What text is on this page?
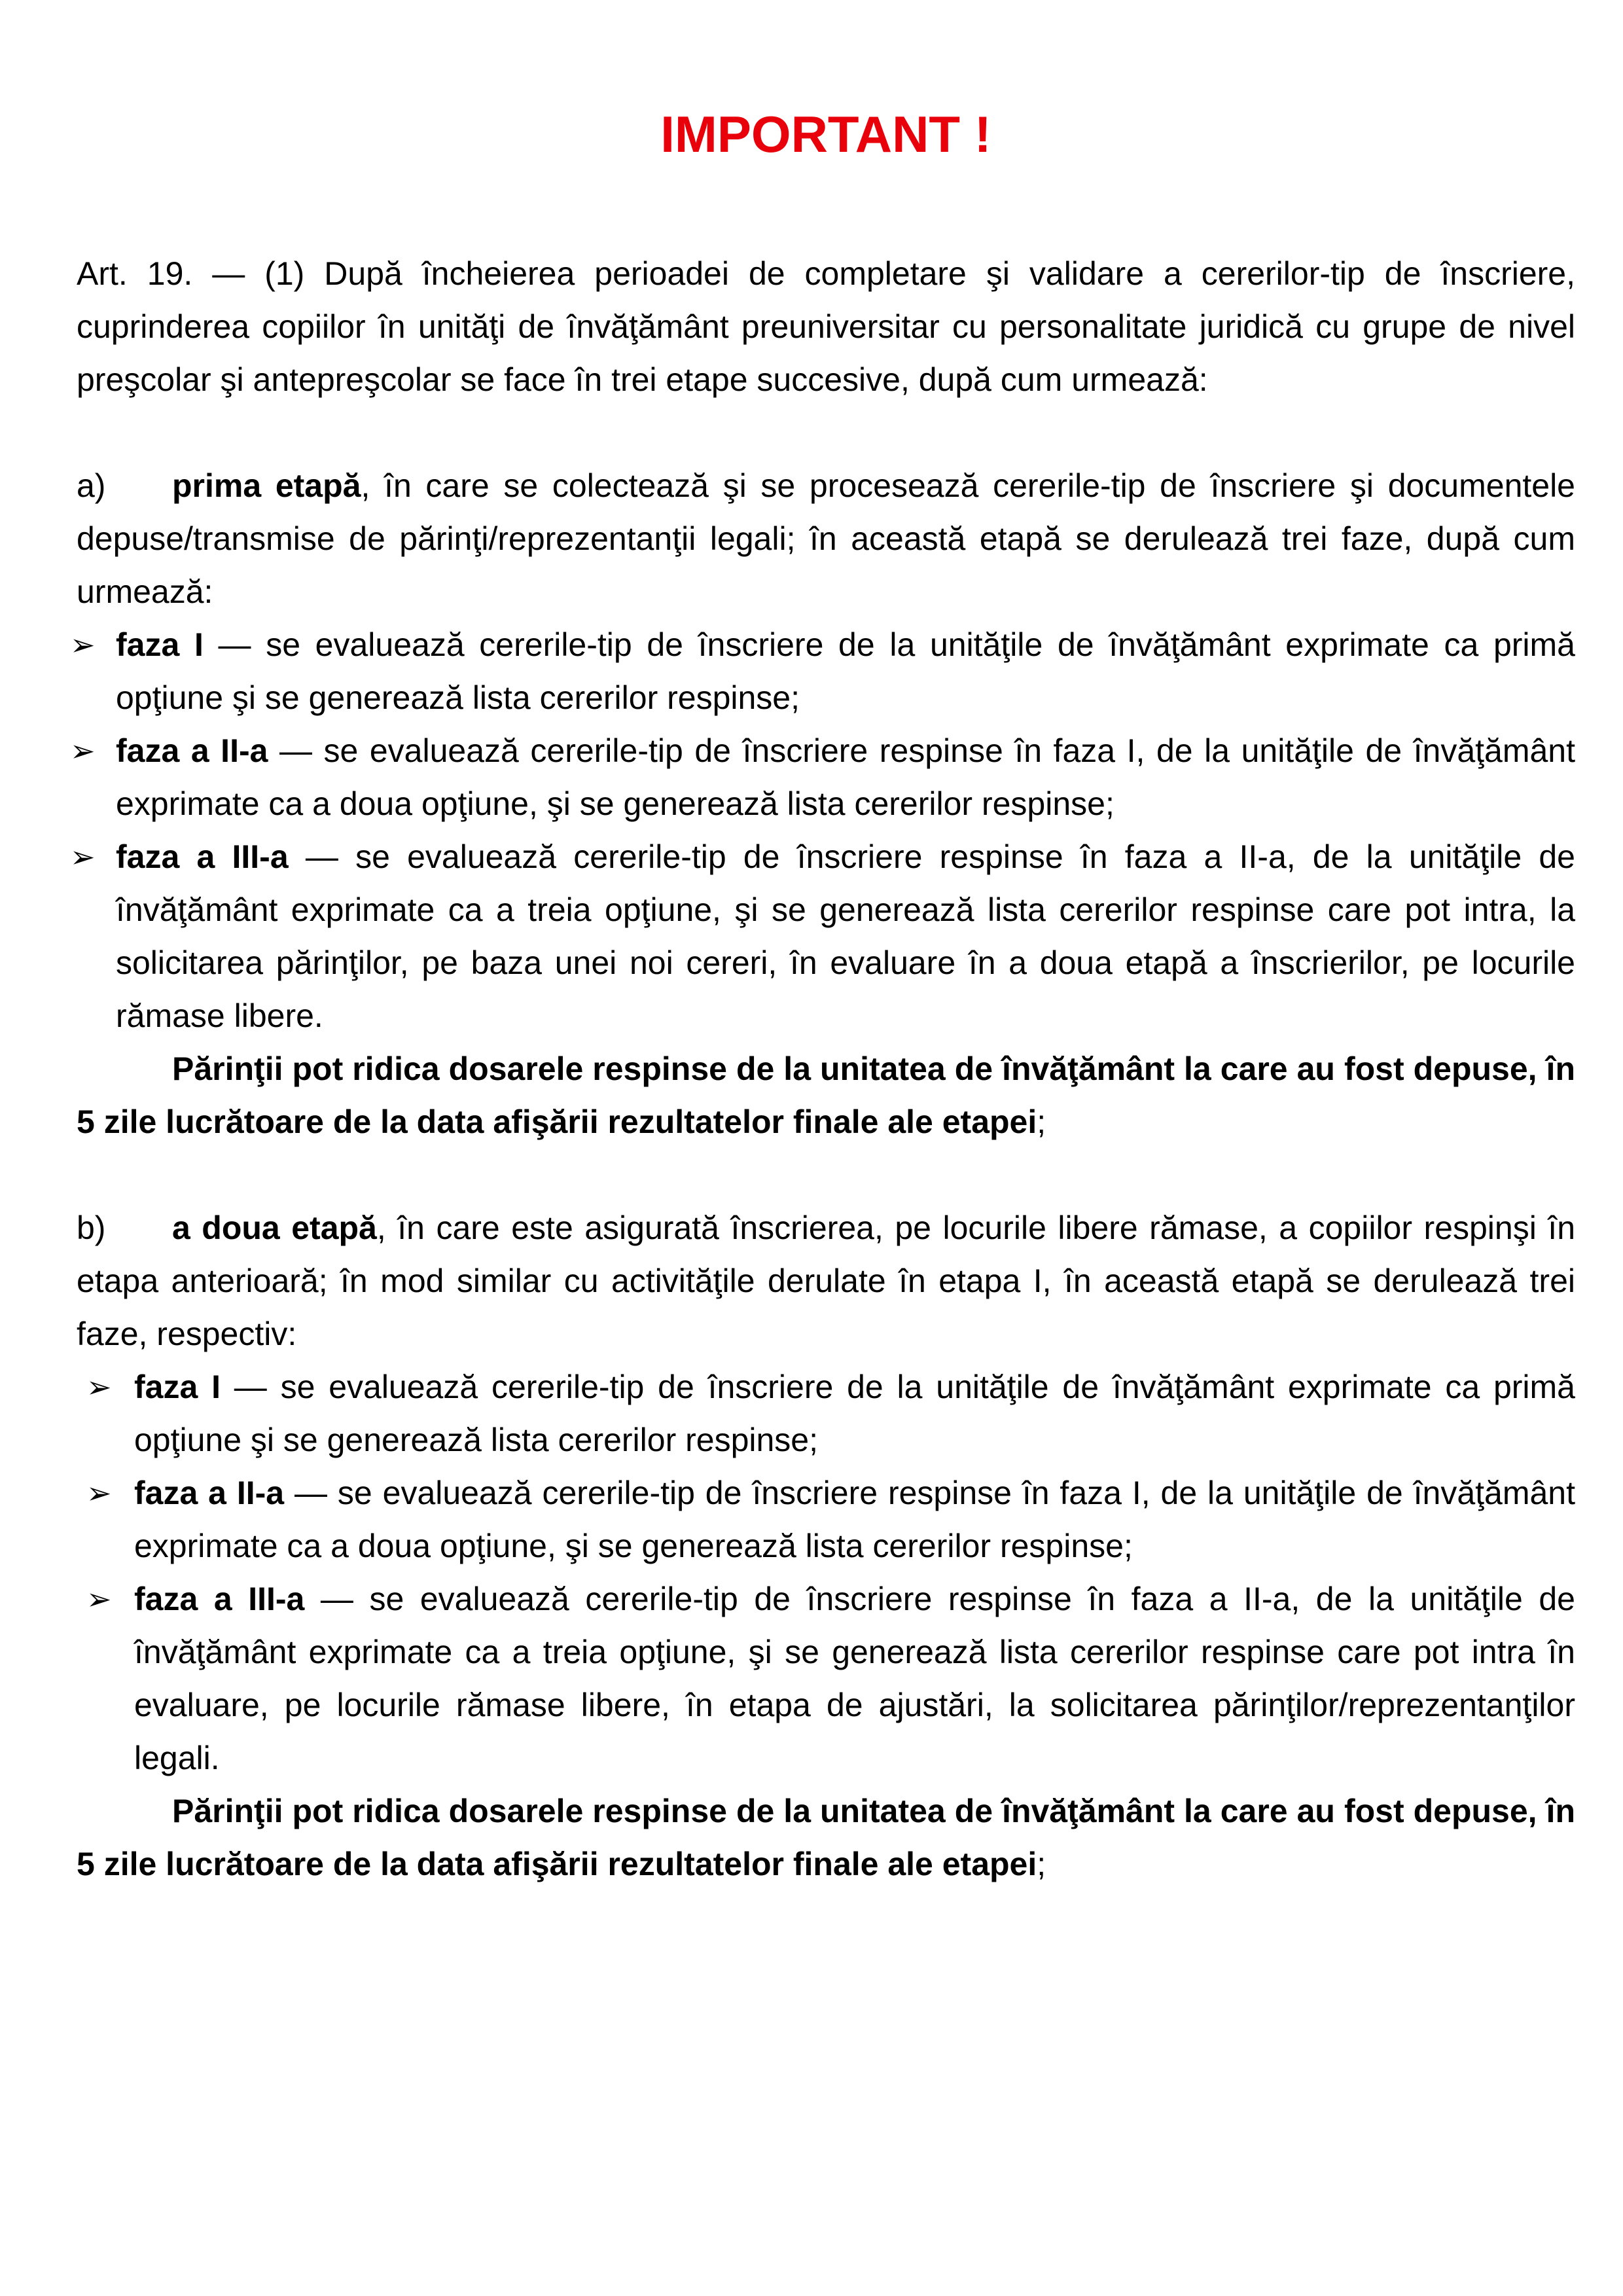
IMPORTANT !

Art. 19. — (1) După încheierea perioadei de completare şi validare a cererilor-tip de înscriere, cuprinderea copiilor în unităţi de învăţământ preuniversitar cu personalitate juridică cu grupe de nivel preşcolar şi antepreşcolar se face în trei etape succesive, după cum urmează:

a) prima etapă, în care se colectează şi se procesează cererile-tip de înscriere şi documentele depuse/transmise de părinţi/reprezentanţii legali; în această etapă se derulează trei faze, după cum urmează:

➢ faza I — se evaluează cererile-tip de înscriere de la unităţile de învăţământ exprimate ca primă opţiune şi se generează lista cererilor respinse;
➢ faza a II-a — se evaluează cererile-tip de înscriere respinse în faza I, de la unităţile de învăţământ exprimate ca a doua opţiune, şi se generează lista cererilor respinse;
➢ faza a III-a — se evaluează cererile-tip de înscriere respinse în faza a II-a, de la unităţile de învăţământ exprimate ca a treia opţiune, şi se generează lista cererilor respinse care pot intra, la solicitarea părinţilor, pe baza unei noi cereri, în evaluare în a doua etapă a înscrierilor, pe locurile rămase libere.

Părinţii pot ridica dosarele respinse de la unitatea de învăţământ la care au fost depuse, în 5 zile lucrătoare de la data afişării rezultatelor finale ale etapei;

b) a doua etapă, în care este asigurată înscrierea, pe locurile libere rămase, a copiilor respinşi în etapa anterioară; în mod similar cu activităţile derulate în etapa I, în această etapă se derulează trei faze, respectiv:

➢ faza I — se evaluează cererile-tip de înscriere de la unităţile de învăţământ exprimate ca primă opţiune şi se generează lista cererilor respinse;
➢ faza a II-a — se evaluează cererile-tip de înscriere respinse în faza I, de la unităţile de învăţământ exprimate ca a doua opţiune, şi se generează lista cererilor respinse;
➢ faza a III-a — se evaluează cererile-tip de înscriere respinse în faza a II-a, de la unităţile de învăţământ exprimate ca a treia opţiune, şi se generează lista cererilor respinse care pot intra în evaluare, pe locurile rămase libere, în etapa de ajustări, la solicitarea părinţilor/reprezentanţilor legali.

Părinţii pot ridica dosarele respinse de la unitatea de învăţământ la care au fost depuse, în 5 zile lucrătoare de la data afişării rezultatelor finale ale etapei;
